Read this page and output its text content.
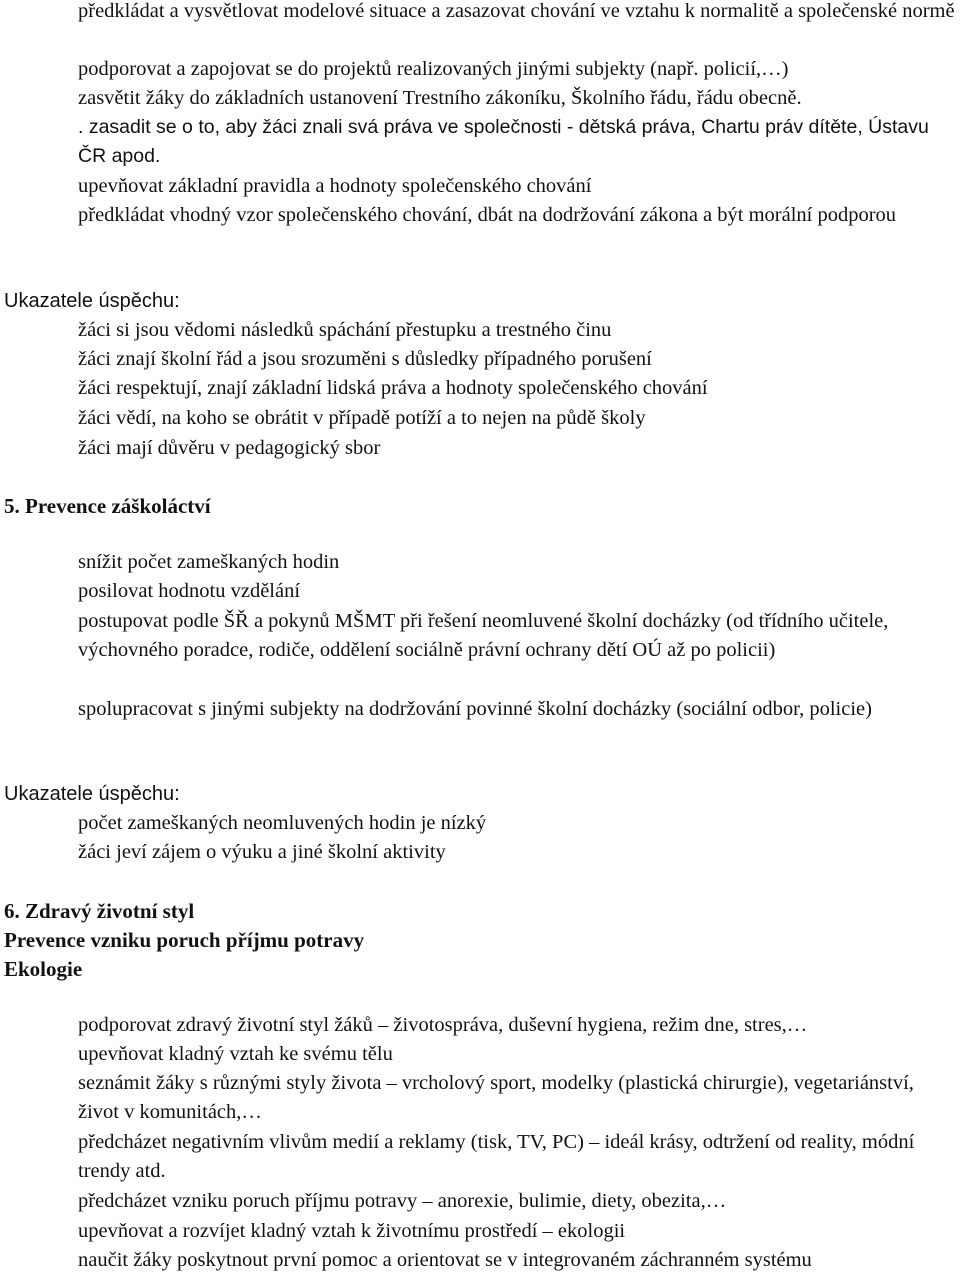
předkládat a vysvětlovat modelové situace a zasazovat chování ve vztahu k normalitě a společenské normě

podporovat a zapojovat se do projektů realizovaných jinými subjekty (např. policií,…)

zasvětit žáky do základních ustanovení Trestního zákoníku, Školního řádu, řádu obecně.

. zasadit se o to, aby žáci znali svá práva ve společnosti - dětská práva, Chartu práv dítěte, Ústavu ČR apod.

upevňovat základní pravidla a hodnoty společenského chování

předkládat vhodný vzor společenského chování, dbát na dodržování zákona a být morální podporou

Ukazatele úspěchu:

žáci si jsou vědomi následků spáchání přestupku a trestného činu

žáci znají školní řád a jsou srozuměni s důsledky případného porušení

žáci respektují, znají základní lidská práva a hodnoty společenského chování

žáci vědí, na koho se obrátit v případě potíží a to nejen na půdě školy

žáci mají důvěru v pedagogický sbor

5. Prevence záškoláctví

snížit počet zameškaných hodin

posilovat hodnotu vzdělání

postupovat podle ŠŘ a pokynů MŠMT při řešení neomluvené školní docházky (od třídního učitele, výchovného poradce, rodiče, oddělení sociálně právní ochrany dětí OÚ až po policii)

spolupracovat s jinými subjekty na dodržování povinné školní docházky (sociální odbor, policie)

Ukazatele úspěchu:

počet zameškaných neomluvených hodin je nízký

žáci jeví zájem o výuku a jiné školní aktivity

6. Zdravý životní styl

Prevence vzniku poruch příjmu potravy

Ekologie

podporovat zdravý životní styl žáků – životospráva, duševní hygiena, režim dne, stres,…

upevňovat kladný vztah ke svému tělu

seznámit žáky s různými styly života – vrcholový sport, modelky (plastická chirurgie), vegetariánství, život v komunitách,…

předcházet negativním vlivům medií a reklamy (tisk, TV, PC) – ideál krásy, odtržení od reality, módní trendy atd.

předcházet vzniku poruch příjmu potravy – anorexie, bulimie, diety, obezita,…

upevňovat a rozvíjet kladný vztah k životnímu prostředí – ekologii

naučit žáky poskytnout první pomoc a orientovat se v integrovaném záchranném systému
